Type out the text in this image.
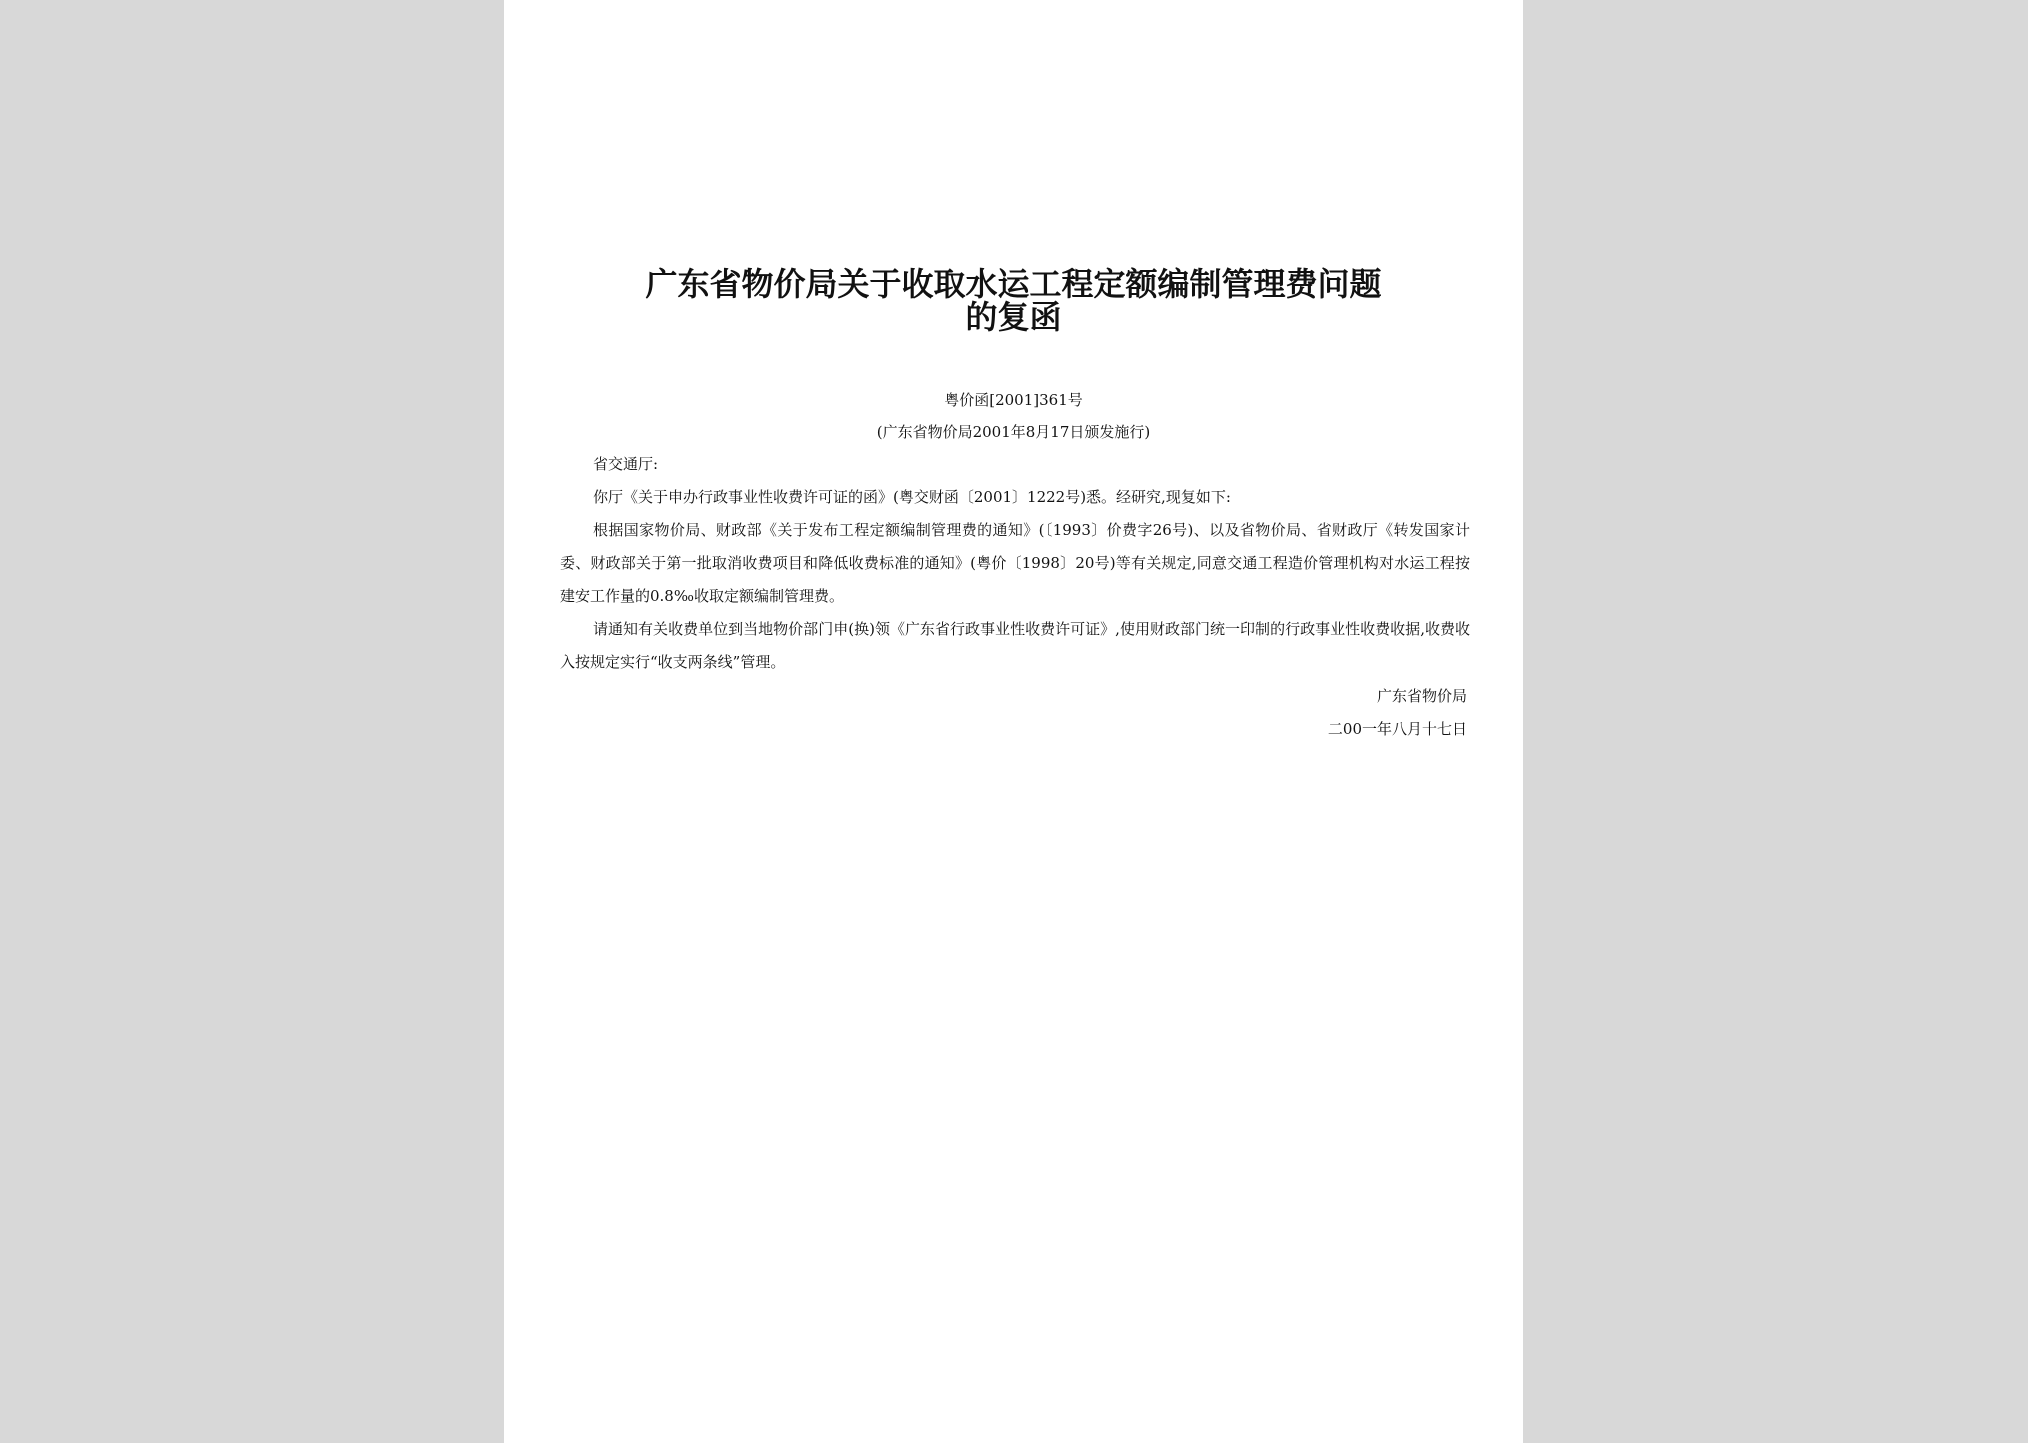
广东省物价局关于收取水运工程定额编制管理费问题
的复函
粤价函[2001]361号
(广东省物价局2001年8月17日颁发施行)
省交通厅:
你厅《关于申办行政事业性收费许可证的函》(粤交财函〔2001〕1222号)悉。经研究,现复如下:
根据国家物价局、财政部《关于发布工程定额编制管理费的通知》(〔1993〕价费字26号)、以及省物价局、省财政厅《转发国家计委、财政部关于第一批取消收费项目和降低收费标准的通知》(粤价〔1998〕20号)等有关规定,同意交通工程造价管理机构对水运工程按建安工作量的0.8‰收取定额编制管理费。
请通知有关收费单位到当地物价部门申(换)领《广东省行政事业性收费许可证》,使用财政部门统一印制的行政事业性收费收据,收费收入按规定实行“收支两条线”管理。
广东省物价局
二00一年八月十七日
